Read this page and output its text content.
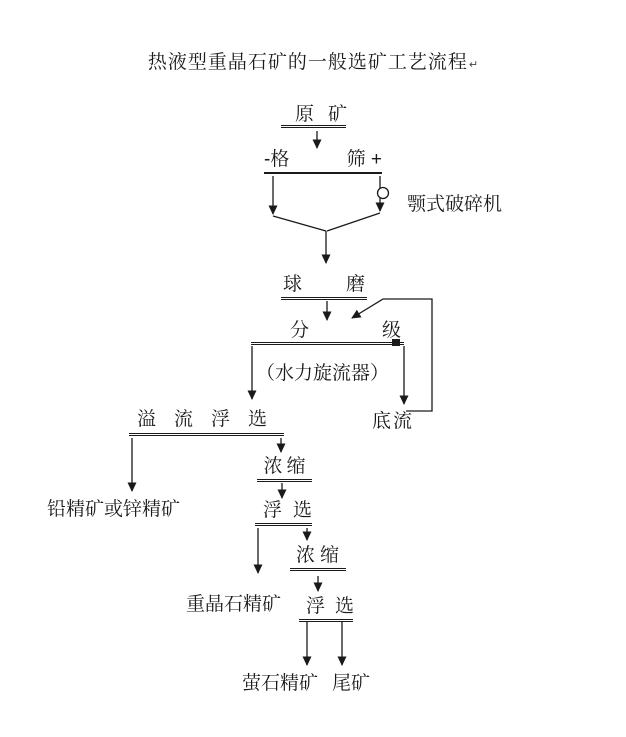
热液型重晶石矿的一般选矿工艺流程↵
原矿
-格	筛 +
颚式破碎机
球 磨
分	级
（水力旋流器）
溢流浮选	底流
铅精矿或锌精矿
浓缩
浮选
重晶石精矿
浓缩
浮选
萤石精矿 尾矿
